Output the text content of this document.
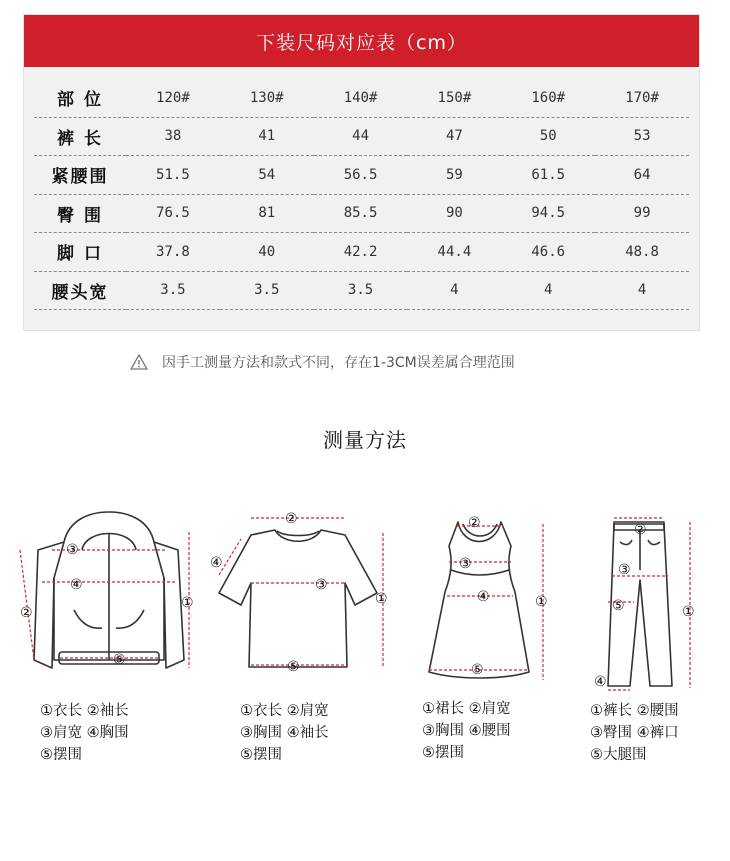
下装尺码对应表（cm）
部 位	120#	130#	140#	150#	160#	170#
裤 长	38	41	44	47	50	53
紧腰围	51.5	54	56.5	59	61.5	64
臀 围	76.5	81	85.5	90	94.5	99
脚 口	37.8	40	42.2	44.4	46.6	48.8
腰头宽	3.5	3.5	3.5	4	4	4
因手工测量方法和款式不同，存在1-3CM误差属合理范围
测量方法
①
②
③
④
⑤
①衣长 ②袖长
③肩宽 ④胸围
⑤摆围
②
①
③
④
⑤
①衣长 ②肩宽
③胸围 ④袖长
⑤摆围
②
①
③
④
⑤
①裙长 ②肩宽
③胸围 ④腰围
⑤摆围
②
①
③
④
⑤
①裤长 ②腰围
③臀围 ④裤口
⑤大腿围
